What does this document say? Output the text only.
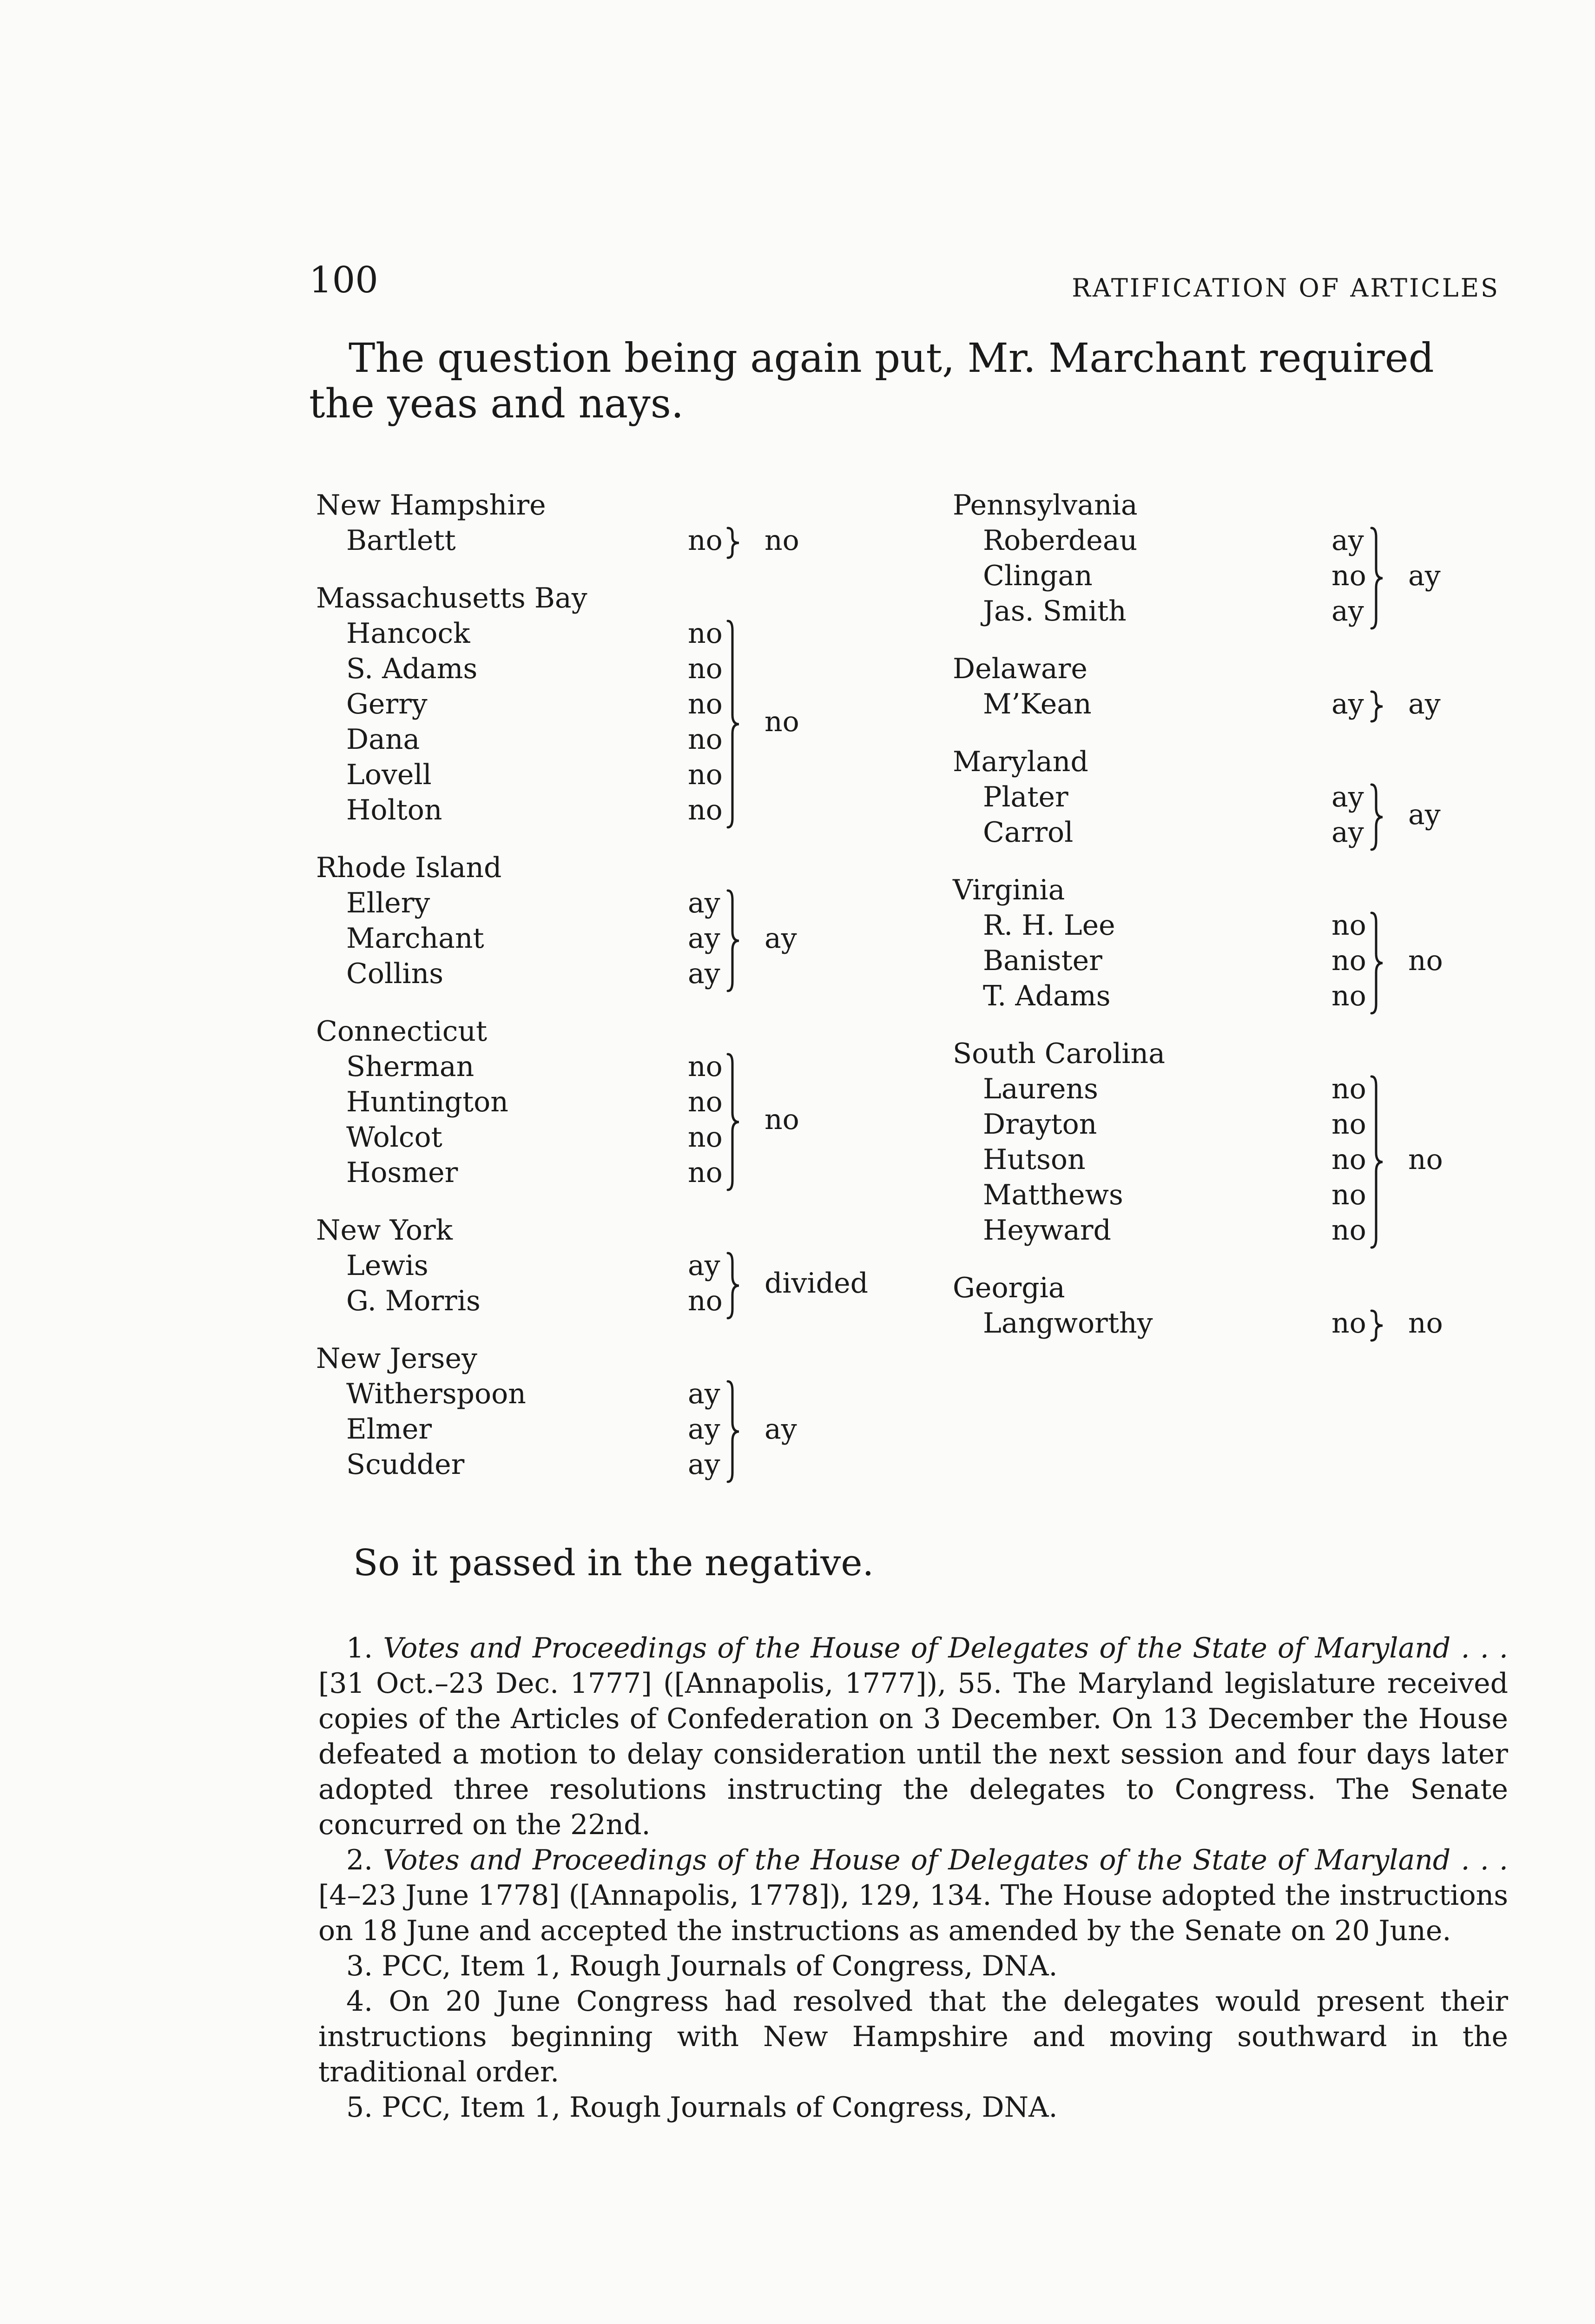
100	RATIFICATION OF ARTICLES

The question being again put, Mr. Marchant required the yeas and nays.

New Hampshire
Bartlett	no no
Massachusetts Bay
Hancock	no
S. Adams	no
Gerry	no
Dana	no
Lovell	no
Holton	no
no
Rhode Island
Ellery	ay
Marchant	ay
Collins	ay
ay
Connecticut
Sherman	no
Huntington	no
Wolcot	no
Hosmer	no
no
New York
Lewis	ay
G. Morris	no
divided
New Jersey
Witherspoon	ay
Elmer	ay
Scudder	ay
ay
Pennsylvania
Roberdeau	ay
Clingan	no
Jas. Smith	ay
ay
Delaware
M’Kean	ay ay
Maryland
Plater	ay
Carrol	ay
ay
Virginia
R. H. Lee	no
Banister	no
T. Adams	no
no
South Carolina
Laurens	no
Drayton	no
Hutson	no
Matthews	no
Heyward	no
no
Georgia
Langworthy	no no
So it passed in the negative.

1. Votes and Proceedings of the House of Delegates of the State of Maryland . . . [31 Oct.–23 Dec. 1777] ([Annapolis, 1777]), 55. The Maryland legislature received copies of the Articles of Confederation on 3 December. On 13 December the House defeated a motion to delay consideration until the next session and four days later adopted three resolutions instructing the delegates to Congress. The Senate concurred on the 22nd.

2. Votes and Proceedings of the House of Delegates of the State of Maryland . . . [4–23 June 1778] ([Annapolis, 1778]), 129, 134. The House adopted the instructions on 18 June and accepted the instructions as amended by the Senate on 20 June.

3. PCC, Item 1, Rough Journals of Congress, DNA.

4. On 20 June Congress had resolved that the delegates would present their instructions beginning with New Hampshire and moving southward in the traditional order.

5. PCC, Item 1, Rough Journals of Congress, DNA.
